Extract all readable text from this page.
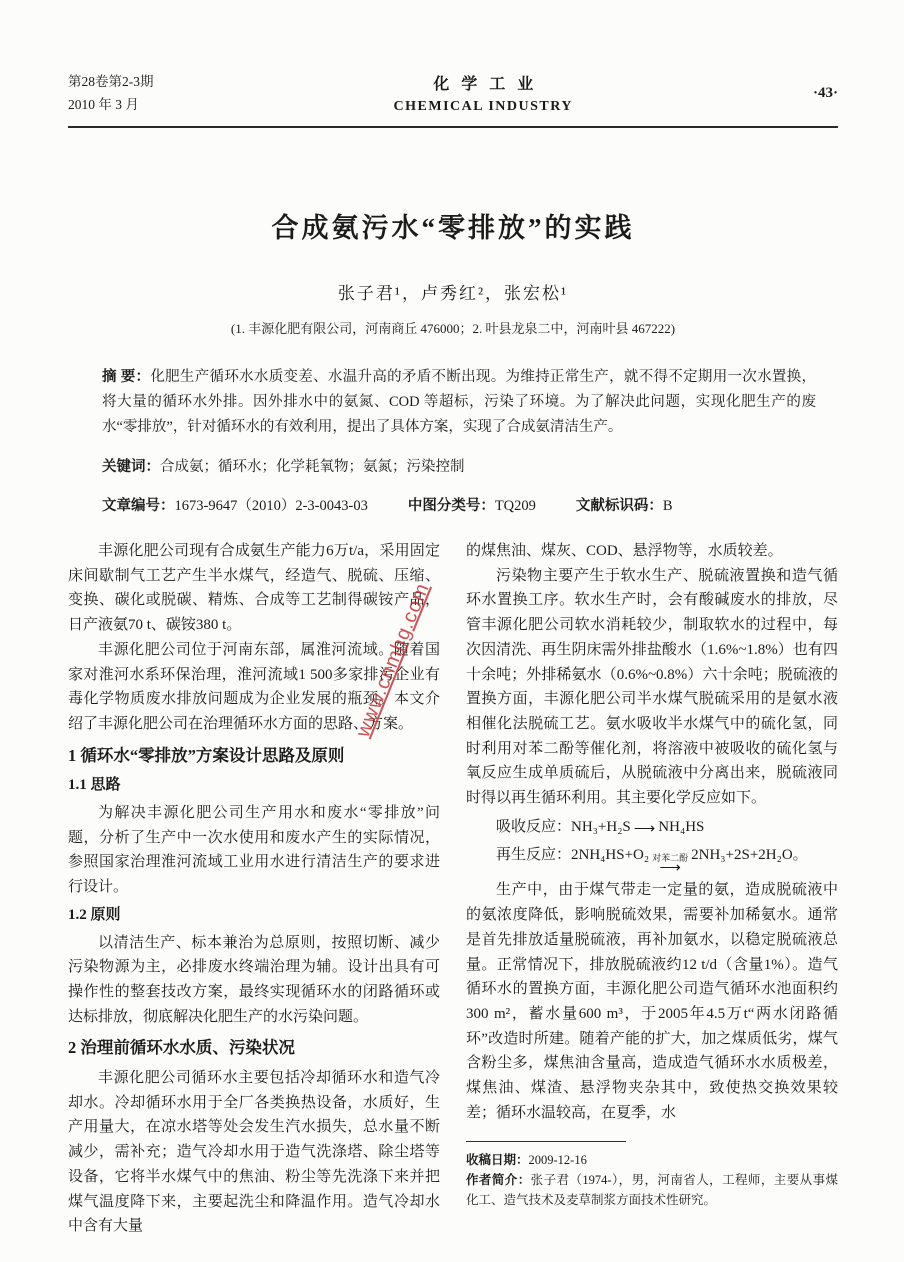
第28卷第2-3期
2010 年 3 月
化学工业
CHEMICAL INDUSTRY
·43·
合成氨污水“零排放”的实践
张子君¹，卢秀红²，张宏松¹
(1. 丰源化肥有限公司，河南商丘 476000；2. 叶县龙泉二中，河南叶县 467222)

摘 要：化肥生产循环水水质变差、水温升高的矛盾不断出现。为维持正常生产，就不得不定期用一次水置换，将大量的循环水外排。因外排水中的氨氮、COD 等超标，污染了环境。为了解决此问题，实现化肥生产的废水“零排放”，针对循环水的有效利用，提出了具体方案，实现了合成氨清洁生产。

关键词：合成氨；循环水；化学耗氧物；氨氮；污染控制

文章编号：1673-9647（2010）2-3-0043-03	中图分类号：TQ209	文献标识码：B

丰源化肥公司现有合成氨生产能力6万t/a，采用固定床间歇制气工艺产生半水煤气，经造气、脱硫、压缩、变换、碳化或脱碳、精炼、合成等工艺制得碳铵产品，日产液氨70 t、碳铵380 t。

丰源化肥公司位于河南东部，属淮河流域。随着国家对淮河水系环保治理，淮河流域1 500多家排污企业有毒化学物质废水排放问题成为企业发展的瓶颈。本文介绍了丰源化肥公司在治理循环水方面的思路、方案。

1 循环水“零排放”方案设计思路及原则

1.1 思路

为解决丰源化肥公司生产用水和废水“零排放”问题，分析了生产中一次水使用和废水产生的实际情况，参照国家治理淮河流域工业用水进行清洁生产的要求进行设计。

1.2 原则

以清洁生产、标本兼治为总原则，按照切断、减少污染物源为主，必排废水终端治理为辅。设计出具有可操作性的整套技改方案，最终实现循环水的闭路循环或达标排放，彻底解决化肥生产的水污染问题。

2 治理前循环水水质、污染状况

丰源化肥公司循环水主要包括冷却循环水和造气冷却水。冷却循环水用于全厂各类换热设备，水质好，生产用量大，在凉水塔等处会发生汽水损失，总水量不断减少，需补充；造气冷却水用于造气洗涤塔、除尘塔等设备，它将半水煤气中的焦油、粉尘等先洗涤下来并把煤气温度降下来，主要起洗尘和降温作用。造气冷却水中含有大量

的煤焦油、煤灰、COD、悬浮物等，水质较差。

污染物主要产生于软水生产、脱硫液置换和造气循环水置换工序。软水生产时，会有酸碱废水的排放，尽管丰源化肥公司软水消耗较少，制取软水的过程中，每次因清洗、再生阴床需外排盐酸水（1.6%~1.8%）也有四十余吨；外排稀氨水（0.6%~0.8%）六十余吨；脱硫液的置换方面，丰源化肥公司半水煤气脱硫采用的是氨水液相催化法脱硫工艺。氨水吸收半水煤气中的硫化氢，同时利用对苯二酚等催化剂，将溶液中被吸收的硫化氢与氧反应生成单质硫后，从脱硫液中分离出来，脱硫液同时得以再生循环利用。其主要化学反应如下。

吸收反应：NH₃+H₂S ⟶ NH₄HS

再生反应：2NH₄HS+O₂ 对苯二酚
⟶
2NH₃+2S+2H₂O。

生产中，由于煤气带走一定量的氨，造成脱硫液中的氨浓度降低，影响脱硫效果，需要补加稀氨水。通常是首先排放适量脱硫液，再补加氨水，以稳定脱硫液总量。正常情况下，排放脱硫液约12 t/d（含量1%）。造气循环水的置换方面，丰源化肥公司造气循环水池面积约300 m²，蓄水量600 m³，于2005年4.5万t“两水闭路循环”改造时所建。随着产能的扩大，加之煤质低劣，煤气含粉尘多，煤焦油含量高，造成造气循环水水质极差，煤焦油、煤渣、悬浮物夹杂其中，致使热交换效果较差；循环水温较高，在夏季，水

收稿日期：2009-12-16

作者简介：张子君（1974-），男，河南省人，工程师，主要从事煤化工、造气技术及麦草制浆方面技术性研究。

www.cnmhg.com
